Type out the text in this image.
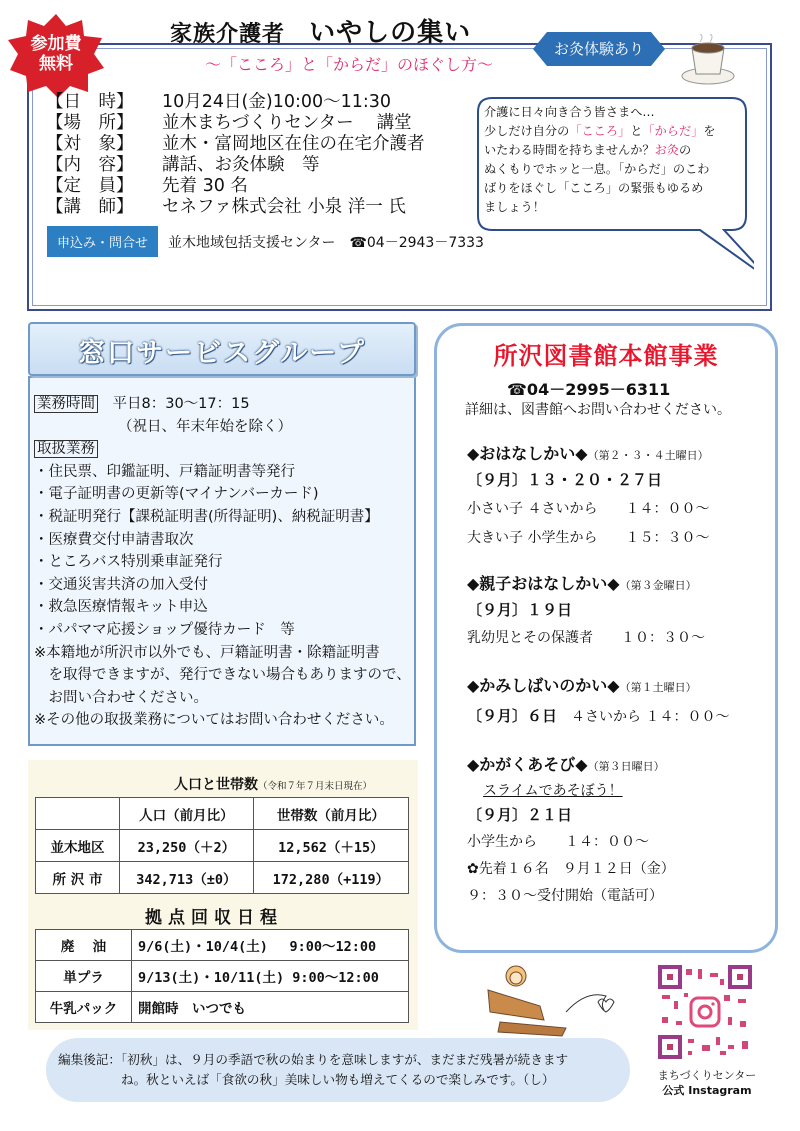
参加費
無料
家族介護者 いやしの集い
～「こころ」と「からだ」のほぐし方～
お灸体験あり
【日　時】	10月24日(金)10:00～11:30
【場　所】	並木まちづくりセンター　 講堂
【対　象】	並木・富岡地区在住の在宅介護者
【内　容】	講話、お灸体験　等
【定　員】	先着 30 名
【講　師】	セネファ株式会社 小泉 洋一 氏
申込み・問合せ	並木地域包括支援センター　☎04－2943－7333
介護に日々向き合う皆さまへ…
少しだけ自分の「こころ」と「からだ」を
いたわる時間を持ちませんか？お灸の
ぬくもりでホッと一息。「からだ」のこわ
ばりをほぐし「こころ」の緊張もゆるめ
ましょう！
窓口サービスグループ
業務時間　 平日8：30～17：15
（祝日、年末年始を除く）
取扱業務
・住民票、印鑑証明、戸籍証明書等発行
・電子証明書の更新等(マイナンバーカード)
・税証明発行【課税証明書(所得証明)、納税証明書】
・医療費交付申請書取次
・ところバス特別乗車証発行
・交通災害共済の加入受付
・救急医療情報キット申込
・パパママ応援ショップ優待カード　等
※本籍地が所沢市以外でも、戸籍証明書・除籍証明書
　を取得できますが、発行できない場合もありますので、
　お問い合わせください。
※その他の取扱業務についてはお問い合わせください。
人口と世帯数（令和７年７月末日現在）
	人口（前月比）	世帯数（前月比）
並木地区	23,250（＋2）	12,562（＋15）
所 沢 市	342,713（±0）	172,280（+119）
拠点回収日程
廃　 油	9/6(土)・10/4(土)　 9:00～12:00
単プラ	9/13(土)・10/11(土) 9:00～12:00
牛乳パック	開館時　いつでも
所沢図書館本館事業
☎04－2995－6311
詳細は、図書館へお問い合わせください。
◆おはなしかい◆（第２・３・４土曜日）
〔９月〕１３・２０・２７日
小さい子 ４さいから　　１４：００～
大きい子 小学生から　　１５：３０～
◆親子おはなしかい◆（第３金曜日）
〔９月〕１９日
乳幼児とその保護者　　１０：３０～
◆かみしばいのかい◆（第１土曜日）
〔９月〕６日　 ４さいから １４：００～
◆かがくあそび◆（第３日曜日）
スライムであそぼう！
〔９月〕２１日
小学生から　　１４：００～
✿先着１６名　９月１２日（金）
９：３０～受付開始（電話可）
まちづくりセンター
公式 Instagram
編集後記：「初秋」は、９月の季語で秋の始まりを意味しますが、まだまだ残暑が続きます
　　　　　ね。秋といえば「食欲の秋」美味しい物も増えてくるので楽しみです。（し）
